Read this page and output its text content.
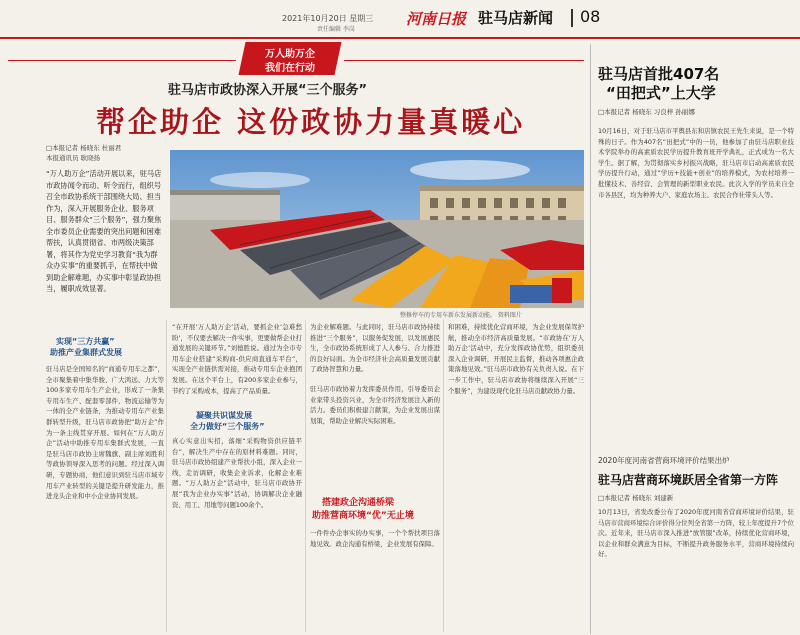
2021年10月20日 星期三
责任编辑 李岗
河南日报 驻马店新闻 08
万人助万企
我们在行动
驻马店市政协深入开展“三个服务”
帮企助企 这份政协力量真暖心
□本报记者 杨晓东 杜丽君
本报通讯员 耿晓扬
“万人助万企”活动开展以来，驻马店市政协闻令而动、听令而行，组织号召全市政协系统干部围绕大局、担当作为，深入开展服务企业、服务项目、服务群众“三个服务”，强力聚焦全市委员企业需要的突出问题和困难帮扶，认真贯彻省、市两级决策部署，将其作为党史学习教育“我为群众办实事”的重要抓手，在帮扶中做到助企解难题，办实事中彰显政协担当，履职成效显著。
整修停车的专用车新东发展新动能。 资料图片
实现“三方共赢”
助推产业集群式发展
驻马店是全国知名的“商通专用车之都”，全市聚集着中集华骏、广大鸿远、力大等100多家专用车生产企业，形成了一条集专用车生产、配套零部件、物流运输等为一体的全产业链条，为推动专用车产业集群转型升级，驻马店市政协把“助万企”作为一条主线贯穿开展。如何在“万人助万企”活动中助推专用车集群式发展，一直是驻马店市政协主席魏旗、副主席刘胜利等政协领导深入思考的问题。经过深入调研，专题协商，他们意识到驻马店市域专用车产业转型的关键是提升研发能力，推进龙头企业和中小企业协同发展。
“在开展‘万人助万企’活动，要抓企业‘急难愁盼’，不仅要去解决一件实事，更要做帮企业打通发展的关键环节。”刘德胜说。通过为全市专用车企业搭建“采购商-供应商直通车平台”，实现全产业链供需对接，推动专用车企业抱团发展。在这个平台上，有200多家企业参与，节约了采购成本，提高了产品质量。
凝聚共识谋发展
全力做好“三个服务”
真心实意出实招，落细“采购物资供应链平台”，解决生产中存在的原材料难题。同时，驻马店市政协组建产业帮扶小组，深入企业一线，走访调研，收集企业诉求，化解企业难题。“万人助万企”活动中，驻马店市政协开展“我为企业办实事”活动，协调解决企业融资、用工、用地等问题100余个。
为企业解难题。与此同时，驻马店市政协持续推进“三个服务”，以服务促发展，以发展惠民生，全市政协系统形成了人人参与、合力推进的良好局面。为全市经济社会高质量发展贡献了政协智慧和力量。
驻马店市政协着力发挥委员作用，引导委员企业家带头投资兴业，为全市经济发展注入新的活力。委员们积极建言献策，为企业发展出谋划策，帮助企业解决实际困难。
搭建政企沟通桥梁
助推营商环境“优”无止境
一件件办企事实的办实事，一个个帮扶项目落地见效。政企沟通有桥梁，企业发展有保障。
和困难，持续优化营商环境，为企业发展保驾护航，推动全市经济高质量发展。“市政协在‘万人助万企’活动中，充分发挥政协优势，组织委员深入企业调研，开展民主监督，推动各项惠企政策落地见效。”驻马店市政协有关负责人说。在下一步工作中，驻马店市政协将继续深入开展“三个服务”，为建设现代化驻马店贡献政协力量。
驻马店首批407名
“田把式”上大学
□本报记者 杨晓东 习良梓 孙丽娜
10月16日，对于驻马店市平舆县东和店镇农民王先生来说，是一个特殊的日子。作为407名“田把式”中的一员，他参加了由驻马店职业技术学院举办的高素质农民学历提升教育班开学典礼，正式成为一名大学生。据了解，为贯彻落实乡村振兴战略，驻马店市启动高素质农民学历提升行动，通过“学历+技能+创业”的培养模式，为农村培养一批懂技术、善经营、会管理的新型职业农民。此次入学的学员来自全市各县区，均为种养大户、家庭农场主、农民合作社带头人等。
2020年度河南省营商环境评价结果出炉
驻马店营商环境跃居全省第一方阵
□本报记者 杨晓东 刘建新
10月13日，省发改委公布了2020年度河南省营商环境评价结果，驻马店市营商环境综合评价得分位列全省第一方阵，较上年度提升7个位次。近年来，驻马店市深入推进“放管服”改革，持续优化营商环境，以企业和群众满意为目标，不断提升政务服务水平，营商环境持续向好。
